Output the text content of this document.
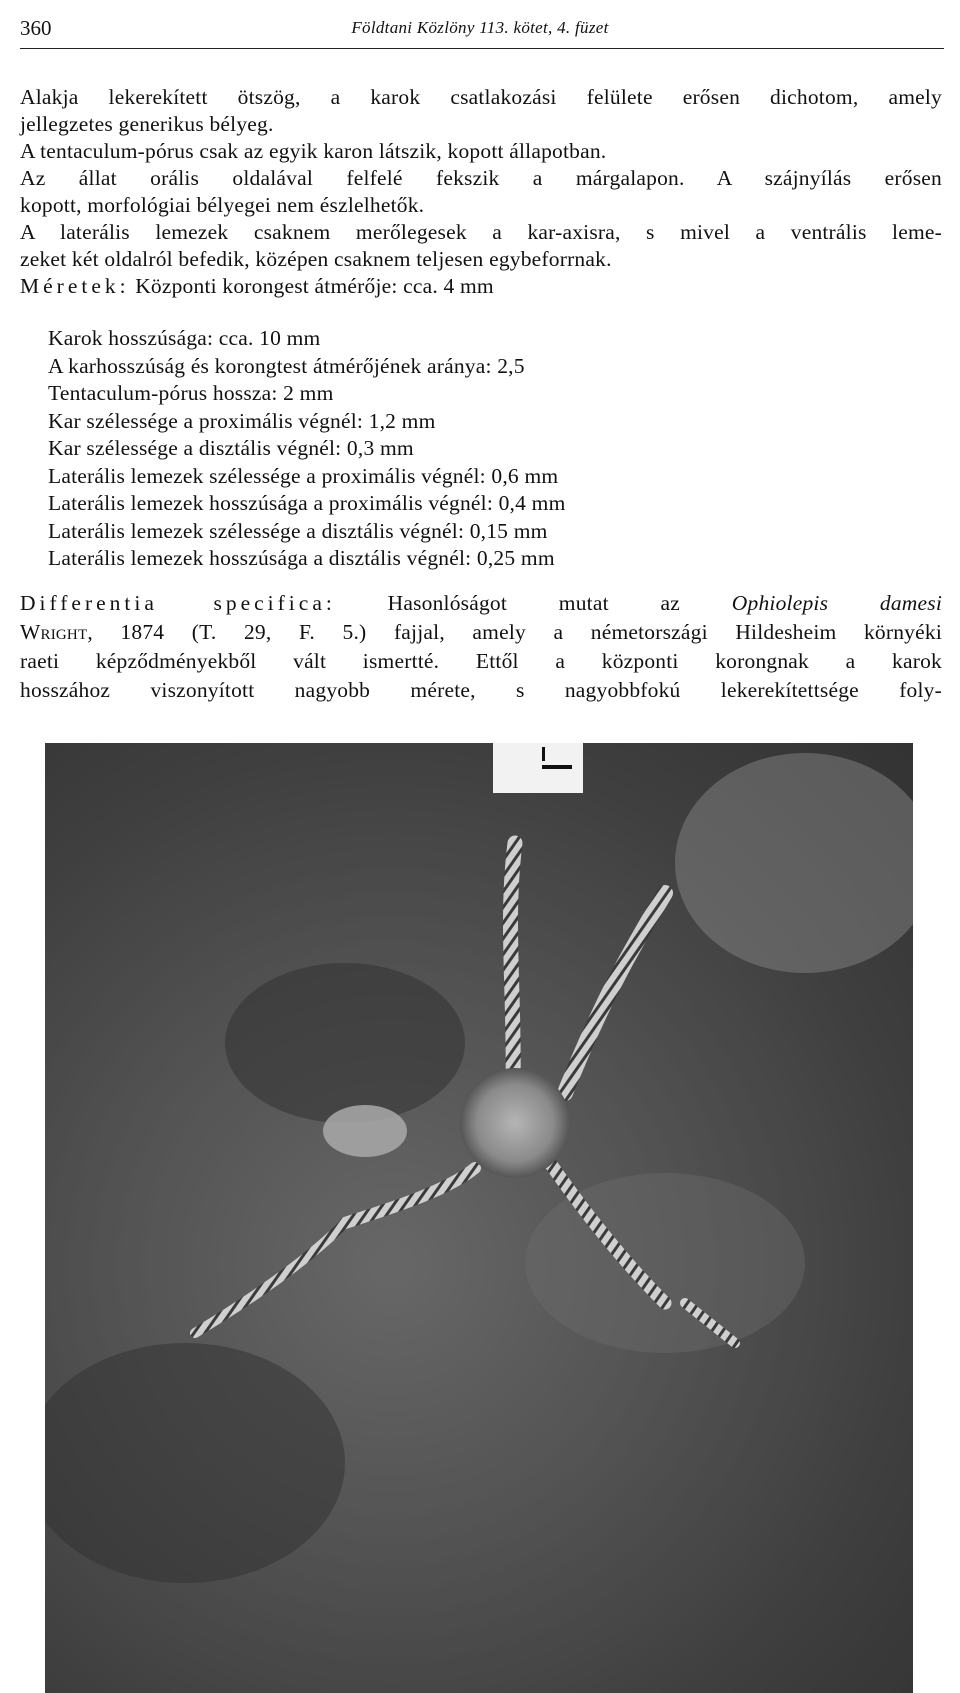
360	Földtani Közlöny 113. kötet, 4. füzet
Alakja lekerekített ötszög, a karok csatlakozási felülete erősen dichotom, amely
jellegzetes generikus bélyeg.
A tentaculum-pórus csak az egyik karon látszik, kopott állapotban.
Az állat orális oldalával felfelé fekszik a márgalapon. A szájnyílás erősen
kopott, morfológiai bélyegei nem észlelhetők.
A laterális lemezek csaknem merőlegesek a kar-axisra, s mivel a ventrális leme-
zeket két oldalról befedik, középen csaknem teljesen egybeforrnak.
Méretek: Központi korongest átmérője: cca. 4 mm
Karok hosszúsága: cca. 10 mm
A karhosszúság és korongtest átmérőjének aránya: 2,5
Tentaculum-pórus hossza: 2 mm
Kar szélessége a proximális végnél: 1,2 mm
Kar szélessége a disztális végnél: 0,3 mm
Laterális lemezek szélessége a proximális végnél: 0,6 mm
Laterális lemezek hosszúsága a proximális végnél: 0,4 mm
Laterális lemezek szélessége a disztális végnél: 0,15 mm
Laterális lemezek hosszúsága a disztális végnél: 0,25 mm
Differentia specifica: Hasonlóságot mutat az Ophiolepis damesi
Wright, 1874 (T. 29, F. 5.) fajjal, amely a németországi Hildesheim környéki
raeti képződményekből vált ismertté. Ettől a központi korongnak a karok
hosszához viszonyított nagyobb mérete, s nagyobbfokú lekerekítettsége foly-
